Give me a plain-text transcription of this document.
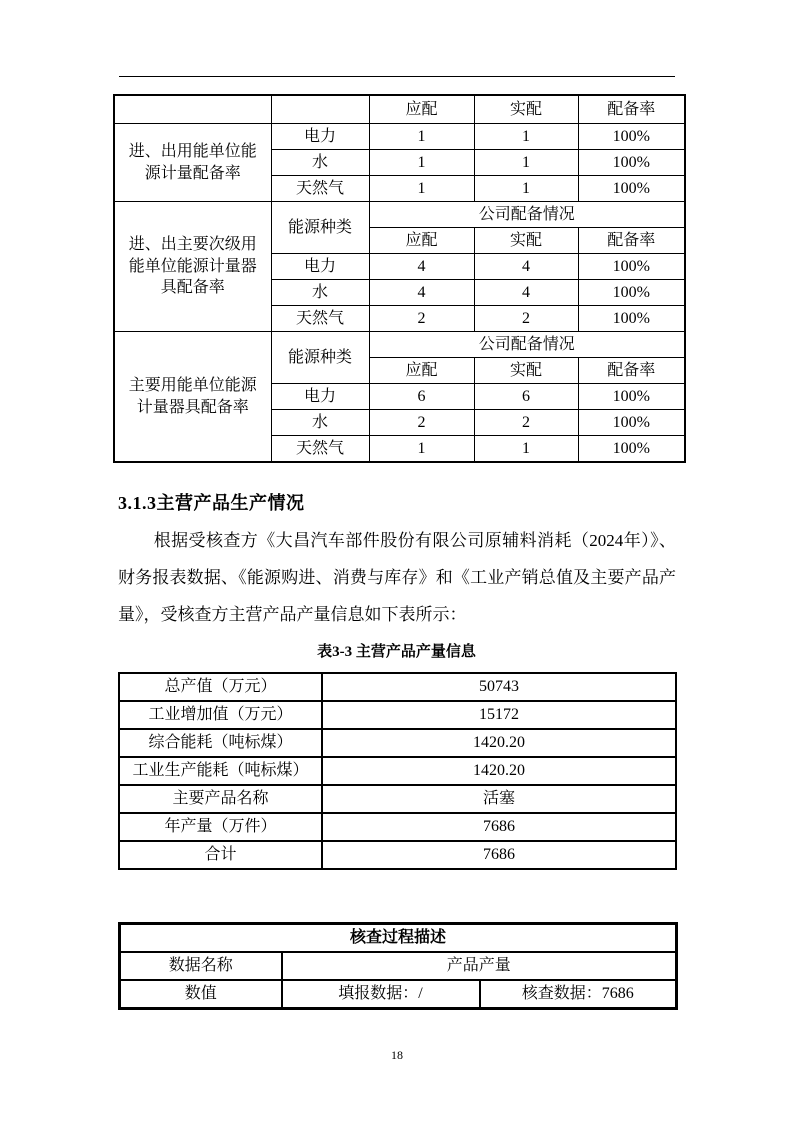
		应配	实配	配备率
进、出用能单位能源计量配备率	电力	1	1	100%
	水	1	1	100%
	天然气	1	1	100%
进、出主要次级用能单位能源计量器具配备率	能源种类	公司配备情况		
		应配	实配	配备率
	电力	4	4	100%
	水	4	4	100%
	天然气	2	2	100%
主要用能单位能源计量器具配备率	能源种类	公司配备情况		
		应配	实配	配备率
	电力	6	6	100%
	水	2	2	100%
	天然气	1	1	100%
3.1.3主营产品生产情况

根据受核查方《大昌汽车部件股份有限公司原辅料消耗（2024年）》、财务报表数据、《能源购进、消费与库存》和《工业产销总值及主要产品产量》，受核查方主营产品产量信息如下表所示：

表3-3 主营产品产量信息
总产值（万元）	50743
工业增加值（万元）	15172
综合能耗（吨标煤）	1420.20
工业生产能耗（吨标煤）	1420.20
主要产品名称	活塞
年产量（万件）	7686
合计	7686
核查过程描述		
数据名称	产品产量	
数值	填报数据：/	核查数据：7686
18
